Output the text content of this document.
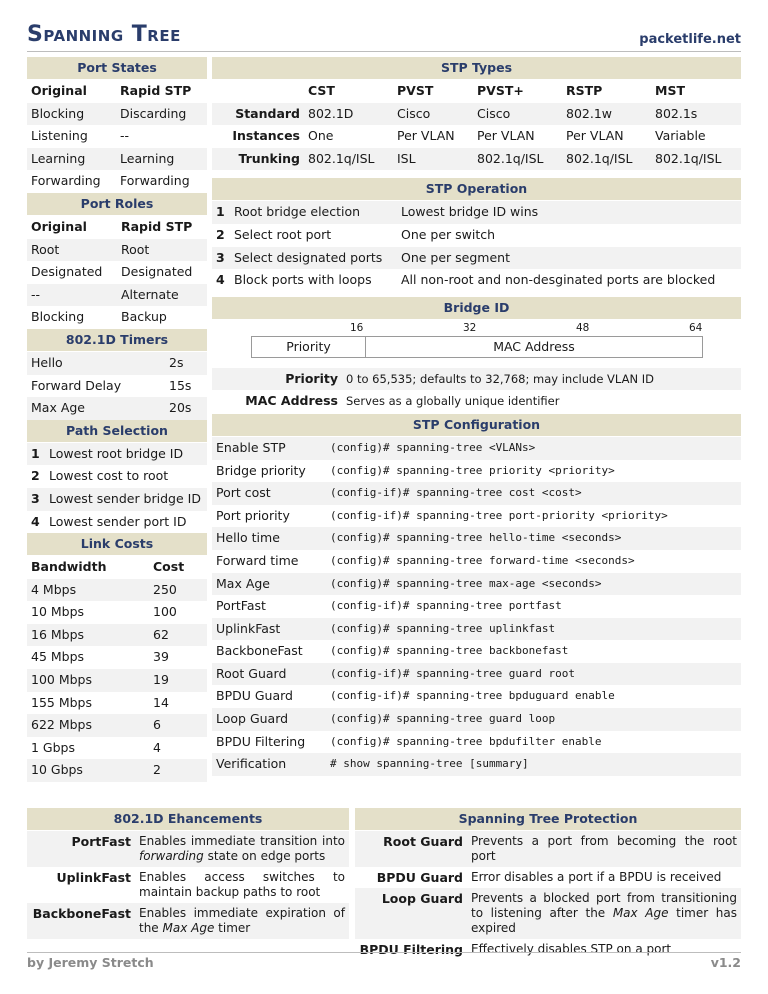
Spanning Tree	packetlife.net
Port States
Original	Rapid STP
Blocking	Discarding
Listening	--
Learning	Learning
Forwarding	Forwarding
Port Roles
Original	Rapid STP
Root	Root
Designated	Designated
--	Alternate
Blocking	Backup
802.1D Timers
Hello	2s
Forward Delay	15s
Max Age	20s
Path Selection
1	Lowest root bridge ID
2	Lowest cost to root
3	Lowest sender bridge ID
4	Lowest sender port ID
Link Costs
Bandwidth	Cost
4 Mbps	250
10 Mbps	100
16 Mbps	62
45 Mbps	39
100 Mbps	19
155 Mbps	14
622 Mbps	6
1 Gbps	4
10 Gbps	2
STP Types
	CST	PVST	PVST+	RSTP	MST
Standard	802.1D	Cisco	Cisco	802.1w	802.1s
Instances	One	Per VLAN	Per VLAN	Per VLAN	Variable
Trunking	802.1q/ISL	ISL	802.1q/ISL	802.1q/ISL	802.1q/ISL
STP Operation
1	Root bridge election	Lowest bridge ID wins
2	Select root port	One per switch
3	Select designated ports	One per segment
4	Block ports with loops	All non-root and non-desginated ports are blocked
Bridge ID
16	32	48	64
Priority	MAC Address
Priority	0 to 65,535; defaults to 32,768; may include VLAN ID
MAC Address	Serves as a globally unique identifier
STP Configuration
Enable STP	(config)# spanning-tree <VLANs>
Bridge priority	(config)# spanning-tree priority <priority>
Port cost	(config-if)# spanning-tree cost <cost>
Port priority	(config-if)# spanning-tree port-priority <priority>
Hello time	(config)# spanning-tree hello-time <seconds>
Forward time	(config)# spanning-tree forward-time <seconds>
Max Age	(config)# spanning-tree max-age <seconds>
PortFast	(config-if)# spanning-tree portfast
UplinkFast	(config)# spanning-tree uplinkfast
BackboneFast	(config)# spanning-tree backbonefast
Root Guard	(config-if)# spanning-tree guard root
BPDU Guard	(config-if)# spanning-tree bpduguard enable
Loop Guard	(config)# spanning-tree guard loop
BPDU Filtering	(config)# spanning-tree bpdufilter enable
Verification	# show spanning-tree [summary]
802.1D Ehancements
PortFast	Enables immediate transition into forwarding state on edge ports
UplinkFast	Enables access switches to maintain backup paths to root
BackboneFast	Enables immediate expiration of the Max Age timer
Spanning Tree Protection
Root Guard	Prevents a port from becoming the root port
BPDU Guard	Error disables a port if a BPDU is received
Loop Guard	Prevents a blocked port from transitioning to listening after the Max Age timer has expired
BPDU Filtering	Effectively disables STP on a port
by Jeremy Stretch	v1.2
